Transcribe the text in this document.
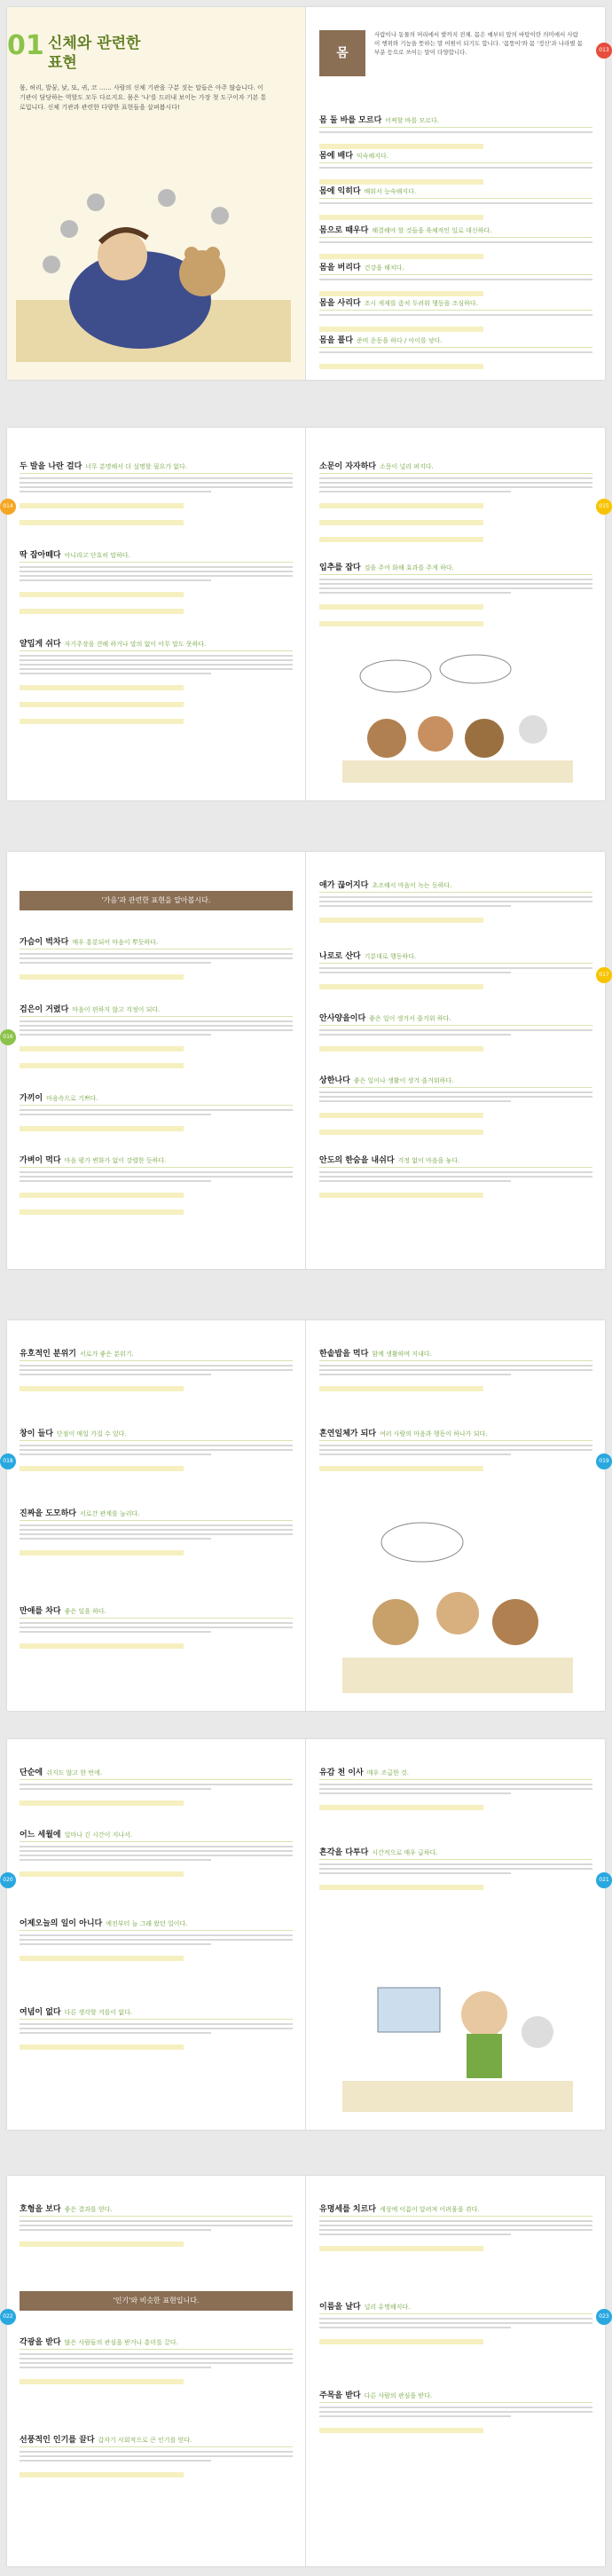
01 신체와 관련한
표현
몸, 허리, 발꿈, 낯, 또, 귀, 코 …… 사람의 신체 기관을 구분 짓는 말들은 아주 많습니다. 이 기관이 담당하는 역할도 모두 다르지요. 몸은 '나'를 드러내 보이는 가장 첫 도구이자 기본 통로입니다. 신체 기관과 관련한 다양한 표현들을 살펴봅시다!
몸
사람이나 동물의 머리에서 발까지 전체. 몸은 예부터 앞의 바탕이란 의미에서 사람이 행위와 기능을 뜻하는 말 어원이 되기도 합니다. '몸뚱이'와 몸 '정신'과 나라별 몸 부분 등으로 쓰이는 말이 다양합니다.	013
몸 둘 바를 모르다 어찌할 바를 모르다.
몸에 배다 익숙해지다.
몸에 익히다 배워서 능숙해지다.
몸으로 때우다 해결해야 할 것들을 육체적인 일로 대신하다.
몸을 버리다 건강을 해치다.
몸을 사리다 조시 게재를 좀처 두려워 행동을 조심하다.
몸을 풀다 준비 운동을 하다 / 아이를 낳다.
014
두 발을 나란 걸다 너무 분명해서 더 설명할 필요가 없다.

딱 잡아떼다 아니라고 단호히 말하다.

얄밉게 쉬다 자기주장을 견해 하거나 말의 없이 아무 말도 못하다.

015
소문이 자자하다 소문이 널리 퍼지다.

입추를 잡다 검을 주어 화해 효과를 주게 하다.

016
'가음'과 관련한 표현을 알아봅시다.
가슴이 벅차다 매우 흥분되어 마음이 뿌듯하다.
검은이 거렸다 마음이 편하지 않고 걱정이 되다.

가끼이 마음속으로 기쁘다.
가벼이 먹다 마음 평가 변화가 없이 강렬한 듯하다.

017
애가 끊어지다 초조해서 마음이 녹는 듯하다.
나로로 산다 기분대로 행동하다.
안사양을이다 좋은 일이 생겨서 즐거워 하다.
상한나다 좋은 일이나 생활이 생겨 즐거워하다.

안도의 한숨을 내쉬다 걱정 없이 마음을 놓다.
018
유호적인 분위기 서로가 좋은 분위기.
창이 들다 단점이 매일 가질 수 있다.
진짜을 도모하다 서로간 관계를 늘리다.
만애를 차다 좋은 일을 하다.
019
한솥밥을 먹다 함께 생활하며 지내다.
혼연일체가 되다 여러 사람의 마음과 행동이 하나가 되다.
020
단순에 쉬지도 않고 한 번에.
어느 세월에 얼마나 긴 시간이 지나서.
어제오늘의 일이 아니다 예전부터 늘 그래 왔던 일이다.
여념이 없다 다른 생각할 겨를이 없다.
021
유감 천 이사 매우 조급한 것.
흔각을 다투다 시간적으로 매우 급하다.
022
호형을 보다 좋은 결과를 얻다.
'인기'와 비슷한 표현입니다.
각광을 받다 많은 사람들의 관심을 받거나 흥미를 끌다.
선풍적인 인기를 끌다 갑자기 사회적으로 큰 인기를 얻다.
023
유명세를 치르다 세상에 이름이 알려져 어려움을 겪다.
이름을 날다 널리 유명해지다.
주목을 받다 다른 사람의 관심을 받다.
